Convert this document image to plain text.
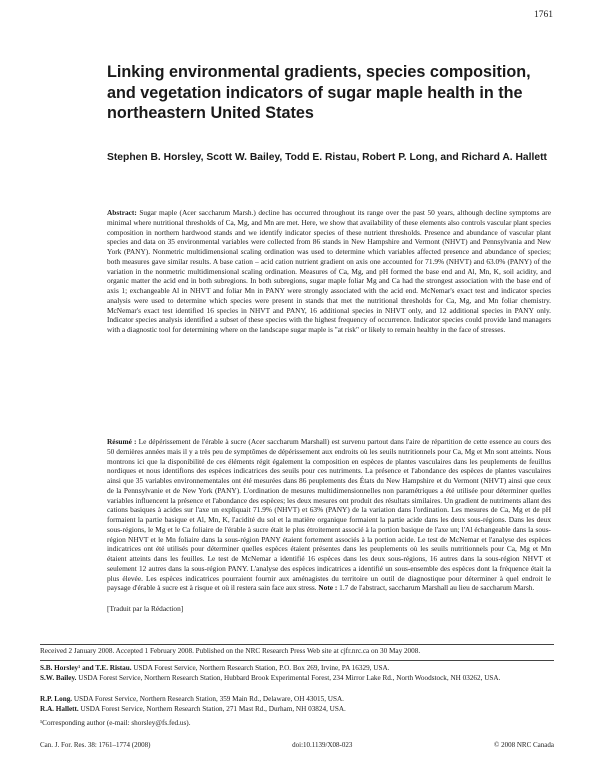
1761
Linking environmental gradients, species composition, and vegetation indicators of sugar maple health in the northeastern United States
Stephen B. Horsley, Scott W. Bailey, Todd E. Ristau, Robert P. Long, and Richard A. Hallett
Abstract: Sugar maple (Acer saccharum Marsh.) decline has occurred throughout its range over the past 50 years, although decline symptoms are minimal where nutritional thresholds of Ca, Mg, and Mn are met. Here, we show that availability of these elements also controls vascular plant species composition in northern hardwood stands and we identify indicator species of these nutrient thresholds. Presence and abundance of vascular plant species and data on 35 environmental variables were collected from 86 stands in New Hampshire and Vermont (NHVT) and Pennsylvania and New York (PANY). Nonmetric multidimensional scaling ordination was used to determine which variables affected presence and abundance of species; both measures gave similar results. A base cation – acid cation nutrient gradient on axis one accounted for 71.9% (NHVT) and 63.0% (PANY) of the variation in the nonmetric multidimensional scaling ordination. Measures of Ca, Mg, and pH formed the base end and Al, Mn, K, soil acidity, and organic matter the acid end in both subregions. In both subregions, sugar maple foliar Mg and Ca had the strongest association with the base end of axis 1; exchangeable Al in NHVT and foliar Mn in PANY were strongly associated with the acid end. McNemar's exact test and indicator species analysis were used to determine which species were present in stands that met the nutritional thresholds for Ca, Mg, and Mn foliar chemistry. McNemar's exact test identified 16 species in NHVT and PANY, 16 additional species in NHVT only, and 12 additional species in PANY only. Indicator species analysis identified a subset of these species with the highest frequency of occurrence. Indicator species could provide land managers with a diagnostic tool for determining where on the landscape sugar maple is "at risk" or likely to remain healthy in the face of stresses.
Résumé : Le dépérissement de l'érable à sucre (Acer saccharum Marshall) est survenu partout dans l'aire de répartition de cette essence au cours des 50 dernières années mais il y a très peu de symptômes de dépérissement aux endroits où les seuils nutritionnels pour Ca, Mg et Mn sont atteints. Nous montrons ici que la disponibilité de ces éléments régit également la composition en espèces de plantes vasculaires dans les peuplements de feuillus nordiques et nous identifions des espèces indicatrices des seuils pour ces nutriments. La présence et l'abondance des espèces de plantes vasculaires ainsi que 35 variables environnementales ont été mesurées dans 86 peuplements des États du New Hampshire et du Vermont (NHVT) ainsi que ceux de la Pennsylvanie et de New York (PANY). L'ordination de mesures multidimensionnelles non paramétriques a été utilisée pour déterminer quelles variables influencent la présence et l'abondance des espèces; les deux mesures ont produit des résultats similaires. Un gradient de nutriments allant des cations basiques à acides sur l'axe un expliquait 71.9% (NHVT) et 63% (PANY) de la variation dans l'ordination. Les mesures de Ca, Mg et de pH formaient la partie basique et Al, Mn, K, l'acidité du sol et la matière organique formaient la partie acide dans les deux sous-régions. Dans les deux sous-régions, le Mg et le Ca foliaire de l'érable à sucre était le plus étroitement associé à la portion basique de l'axe un; l'Al échangeable dans la sous-région NHVT et le Mn foliaire dans la sous-région PANY étaient fortement associés à la portion acide. Le test de McNemar et l'analyse des espèces indicatrices ont été utilisés pour déterminer quelles espèces étaient présentes dans les peuplements où les seuils nutritionnels pour Ca, Mg et Mn étaient atteints dans les feuilles. Le test de McNemar a identifié 16 espèces dans les deux sous-régions, 16 autres dans la sous-région NHVT et seulement 12 autres dans la sous-région PANY. L'analyse des espèces indicatrices a identifié un sous-ensemble des espèces dont la fréquence était la plus élevée. Les espèces indicatrices pourraient fournir aux aménagistes du territoire un outil de diagnostique pour déterminer à quel endroit le paysage d'érable à sucre est à risque et où il restera sain face aux stress. Note : 1.7 de l'abstract, saccharum Marshall au lieu de saccharum Marsh.
[Traduit par la Rédaction]
Received 2 January 2008. Accepted 1 February 2008. Published on the NRC Research Press Web site at cjfr.nrc.ca on 30 May 2008.
S.B. Horsley¹ and T.E. Ristau. USDA Forest Service, Northern Research Station, P.O. Box 269, Irvine, PA 16329, USA.
S.W. Bailey. USDA Forest Service, Northern Research Station, Hubbard Brook Experimental Forest, 234 Mirror Lake Rd., North Woodstock, NH 03262, USA.
R.P. Long. USDA Forest Service, Northern Research Station, 359 Main Rd., Delaware, OH 43015, USA.
R.A. Hallett. USDA Forest Service, Northern Research Station, 271 Mast Rd., Durham, NH 03824, USA.
¹Corresponding author (e-mail: shorsley@fs.fed.us).
Can. J. For. Res. 38: 1761–1774 (2008)	doi:10.1139/X08-023	© 2008 NRC Canada
